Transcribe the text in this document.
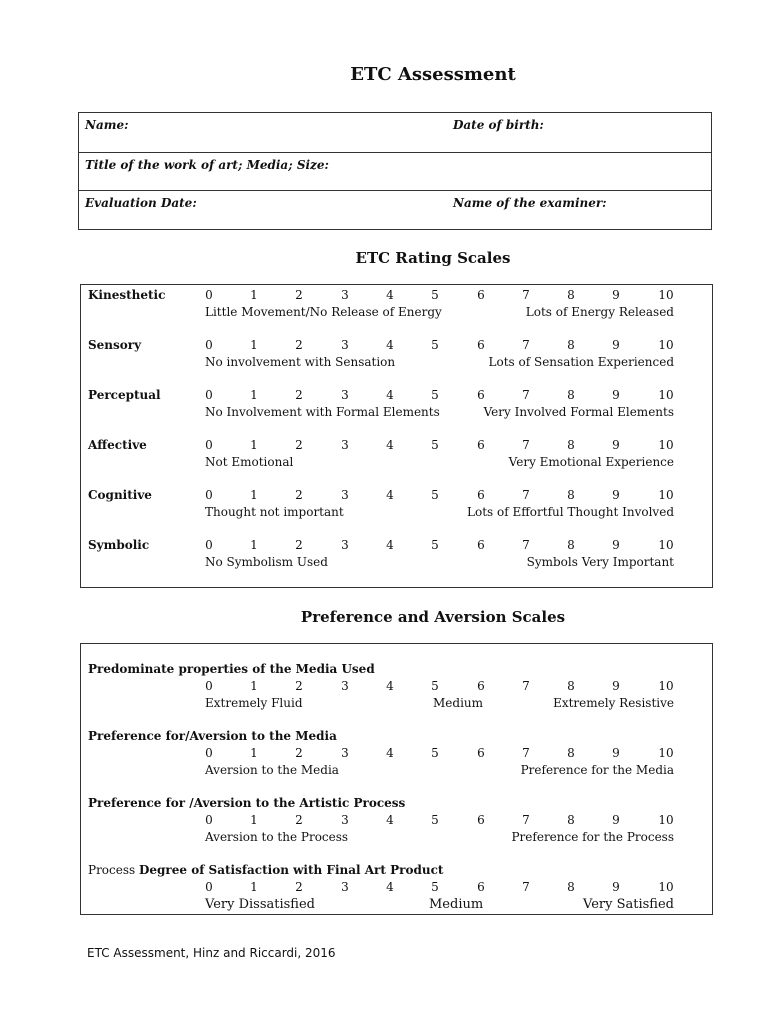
ETC Assessment
Name:	Date of birth:
Title of the work of art; Media; Size:
Evaluation Date:	Name of the examiner:
ETC Rating Scales
Kinesthetic	0	1	2	3	4	5	6	7	8	9	10
Little Movement/No Release of Energy	Lots of Energy Released
Sensory	0	1	2	3	4	5	6	7	8	9	10
No involvement with Sensation	Lots of Sensation Experienced
Perceptual	0	1	2	3	4	5	6	7	8	9	10
No Involvement with Formal Elements	Very Involved Formal Elements
Affective	0	1	2	3	4	5	6	7	8	9	10
Not Emotional	Very Emotional Experience
Cognitive	0	1	2	3	4	5	6	7	8	9	10
Thought not important	Lots of Effortful Thought Involved
Symbolic	0	1	2	3	4	5	6	7	8	9	10
No Symbolism Used	Symbols Very Important
Preference and Aversion Scales
Predominate properties of the Media Used
0	1	2	3	4	5	6	7	8	9	10
Extremely Fluid	Medium	Extremely Resistive
Preference for/Aversion to the Media
0	1	2	3	4	5	6	7	8	9	10
Aversion to the Media	Preference for the Media
Preference for /Aversion to the Artistic Process
0	1	2	3	4	5	6	7	8	9	10
Aversion to the Process	Preference for the Process
Process Degree of Satisfaction with Final Art Product
0	1	2	3	4	5	6	7	8	9	10
Very Dissatisfied	Medium	Very Satisfied
ETC Assessment, Hinz and Riccardi, 2016
